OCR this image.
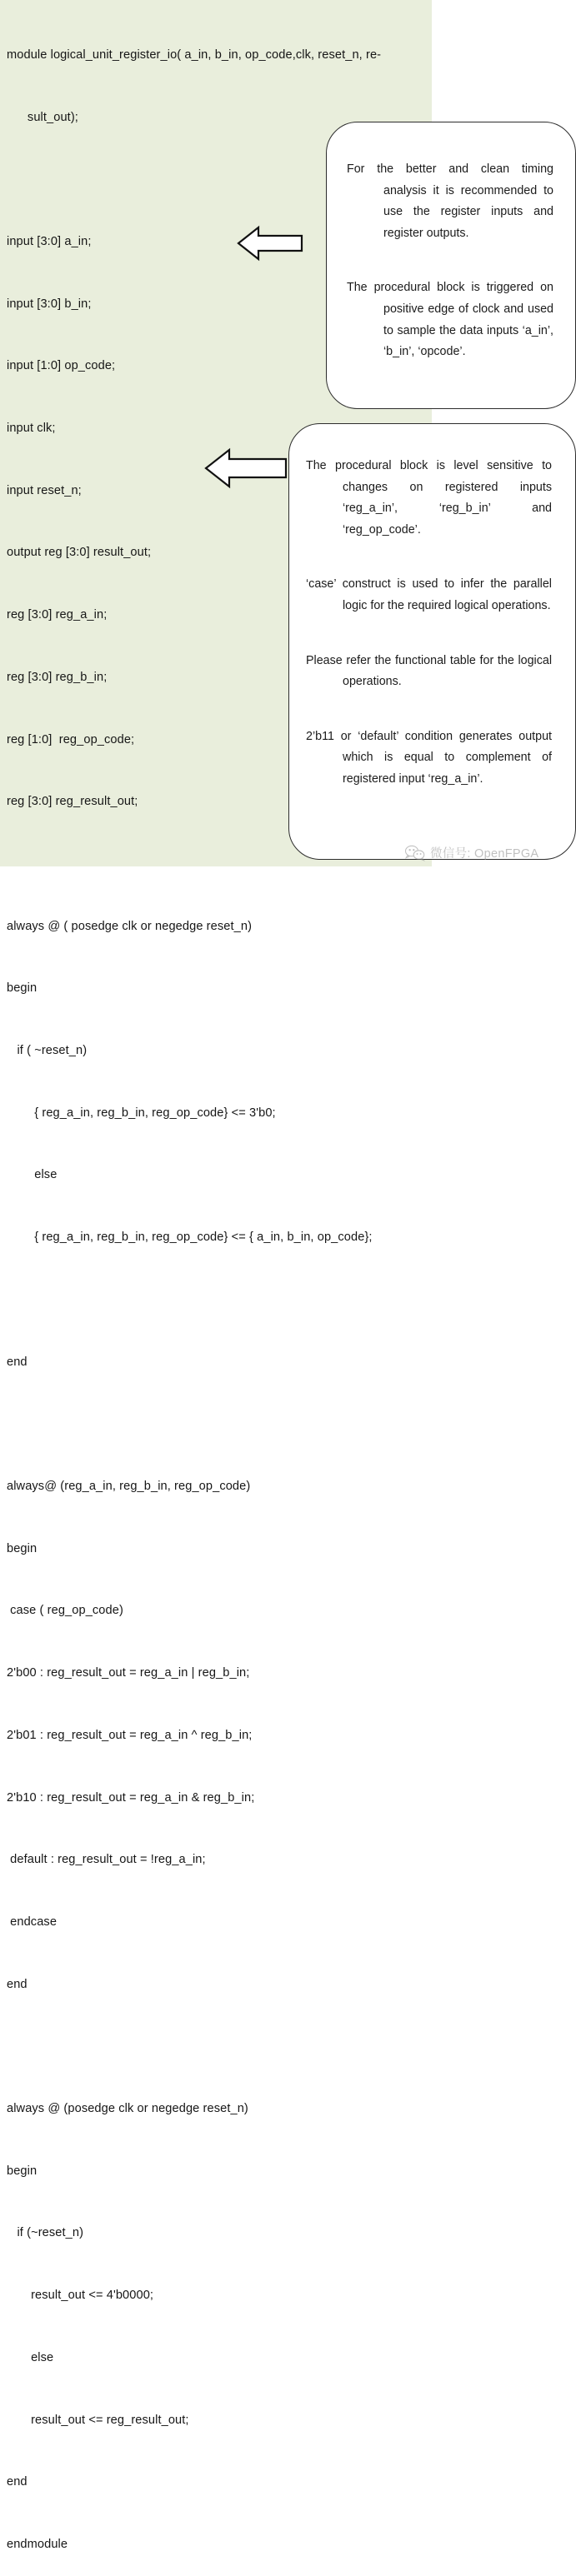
module logical_unit_register_io( a_in, b_in, op_code,clk, reset_n, re-

sult_out);

input [3:0] a_in;

input [3:0] b_in;

input [1:0] op_code;

input clk;

input reset_n;

output reg [3:0] result_out;

reg [3:0] reg_a_in;

reg [3:0] reg_b_in;

reg [1:0]  reg_op_code;

reg [3:0] reg_result_out;

always @ ( posedge clk or negedge reset_n)

begin

if ( ~reset_n)

{ reg_a_in, reg_b_in, reg_op_code} <= 3'b0;

else

{ reg_a_in, reg_b_in, reg_op_code} <= { a_in, b_in, op_code};

end

always@ (reg_a_in, reg_b_in, reg_op_code)

begin

case ( reg_op_code)

2'b00 : reg_result_out = reg_a_in | reg_b_in;

2'b01 : reg_result_out = reg_a_in ^ reg_b_in;

2'b10 : reg_result_out = reg_a_in & reg_b_in;

default : reg_result_out = !reg_a_in;

endcase

end

always @ (posedge clk or negedge reset_n)

begin

if (~reset_n)

result_out <= 4'b0000;

else

result_out <= reg_result_out;

end

endmodule

For the better and clean timing analysis it is recommended to use the register inputs and register outputs.

The procedural block is triggered on positive edge of clock and used to sample the data inputs ‘a_in’, ‘b_in’, ‘opcode’.

The procedural block is level sensitive to changes on registered inputs ‘reg_a_in’, ‘reg_b_in’ and ‘reg_op_code’.

‘case’ construct is used to infer the parallel logic for the required logical operations.

Please refer the functional table for the logical operations.

2’b11 or ‘default’ condition generates output which is equal to complement of registered input ‘reg_a_in’.

微信号: OpenFPGA
